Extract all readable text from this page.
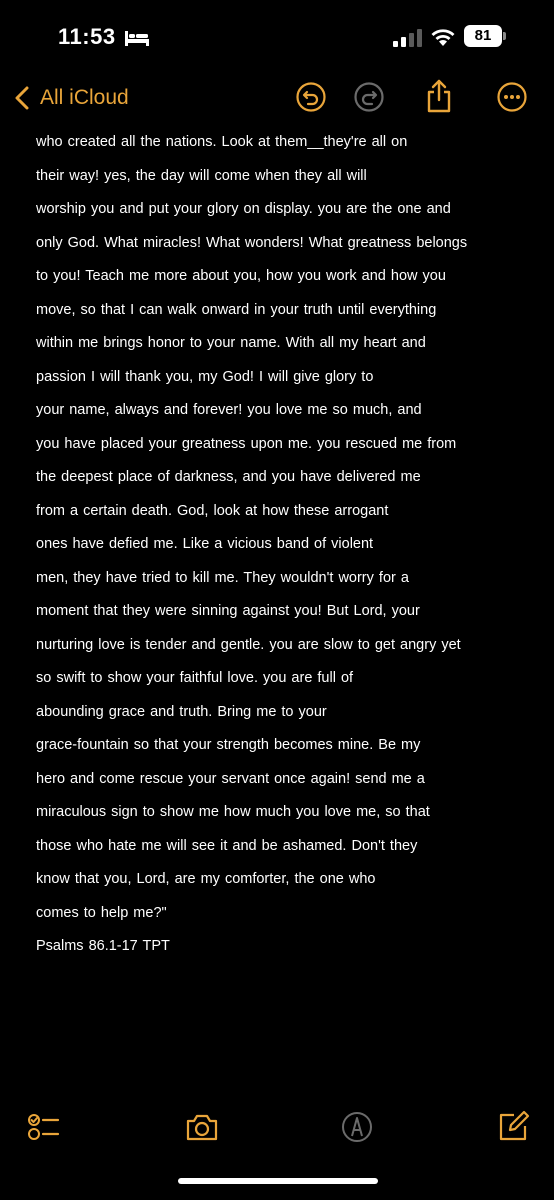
11:53	81
All iCloud
who created all the nations. Look at them__they're all on
their way! yes, the day will come when they all will
worship you and put your glory on display. you are the one and
only God. What miracles! What wonders! What greatness belongs
to you! Teach me more about you, how you work and how you
move, so that I can walk onward in your truth until everything
within me brings honor to your name. With all my heart and
passion I will thank you, my God! I will give glory to
your name, always and forever! you love me so much, and
you have placed your greatness upon me. you rescued me from
the deepest place of darkness, and you have delivered me
from a certain death. God, look at how these arrogant
ones have defied me. Like a vicious band of violent
men, they have tried to kill me. They wouldn't worry for a
moment that they were sinning against you! But Lord, your
nurturing love is tender and gentle. you are slow to get angry yet
so swift to show your faithful love. you are full of
abounding grace and truth. Bring me to your
grace-fountain so that your strength becomes mine. Be my
hero and come rescue your servant once again! send me a
miraculous sign to show me how much you love me, so that
those who hate me will see it and be ashamed. Don't they
know that you, Lord, are my comforter, the one who
comes to help me?"
Psalms 86.1-17 TPT
